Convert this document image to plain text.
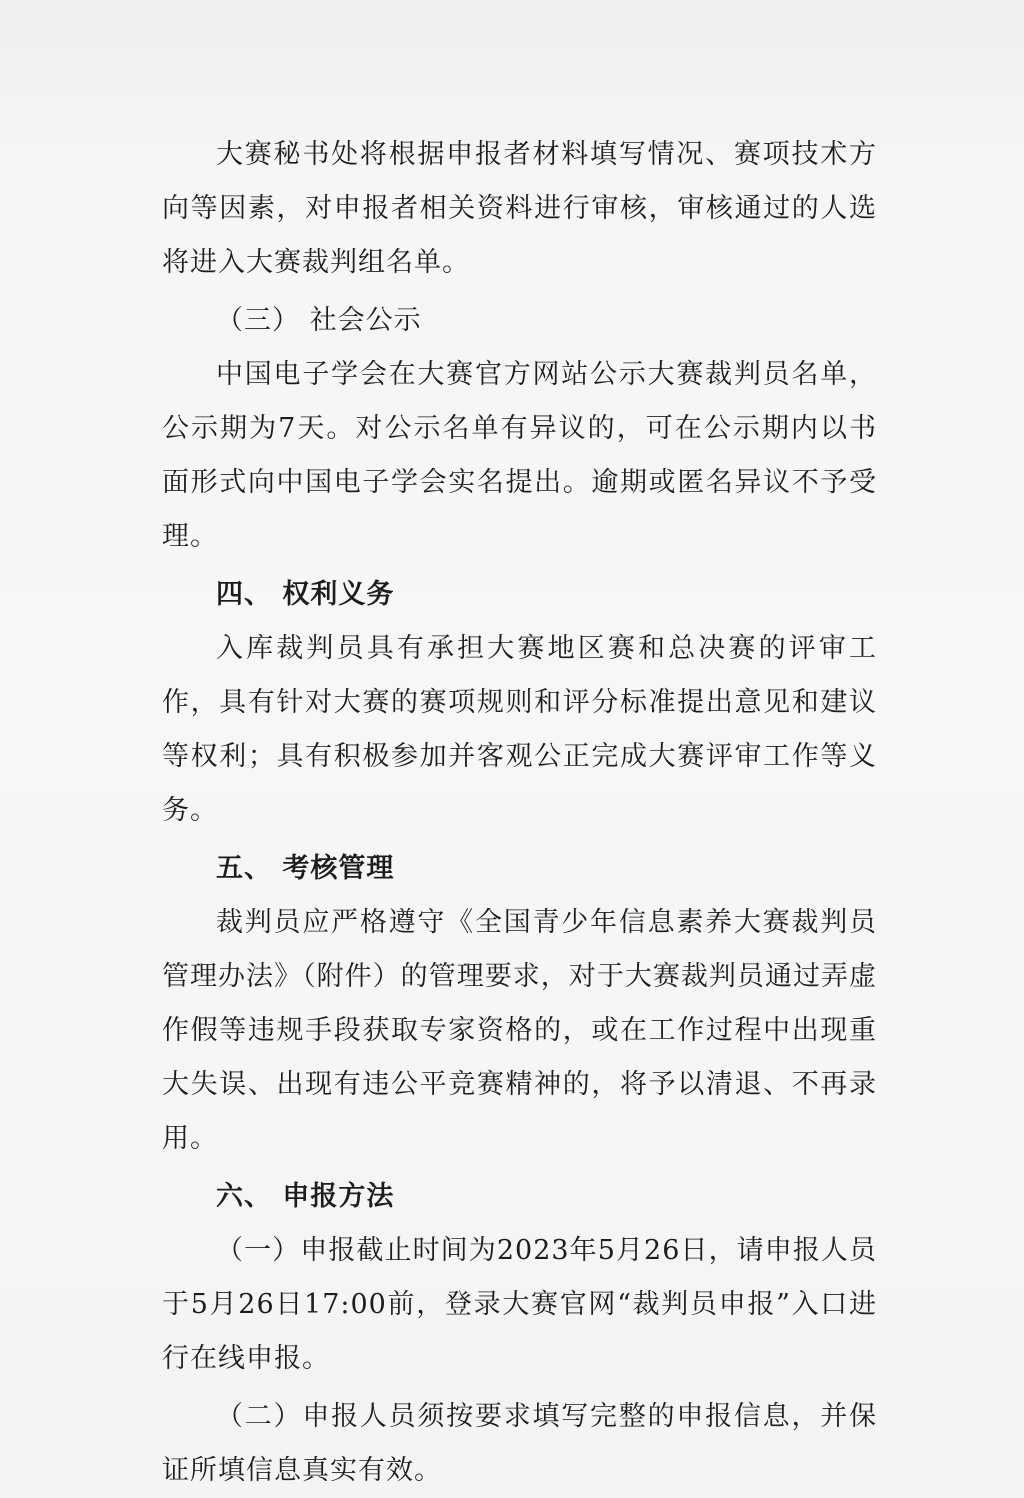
大赛秘书处将根据申报者材料填写情况、赛项技术方向等因素，对申报者相关资料进行审核，审核通过的人选将进入大赛裁判组名单。

（三） 社会公示

中国电子学会在大赛官方网站公示大赛裁判员名单，公示期为7天。对公示名单有异议的，可在公示期内以书面形式向中国电子学会实名提出。逾期或匿名异议不予受理。

四、 权利义务

入库裁判员具有承担大赛地区赛和总决赛的评审工作，具有针对大赛的赛项规则和评分标准提出意见和建议等权利；具有积极参加并客观公正完成大赛评审工作等义务。

五、 考核管理

裁判员应严格遵守《全国青少年信息素养大赛裁判员管理办法》（附件）的管理要求，对于大赛裁判员通过弄虚作假等违规手段获取专家资格的，或在工作过程中出现重大失误、出现有违公平竞赛精神的，将予以清退、不再录用。

六、 申报方法

（一）申报截止时间为2023年5月26日，请申报人员于5月26日17:00前，登录大赛官网“裁判员申报”入口进行在线申报。

（二）申报人员须按要求填写完整的申报信息，并保证所填信息真实有效。
